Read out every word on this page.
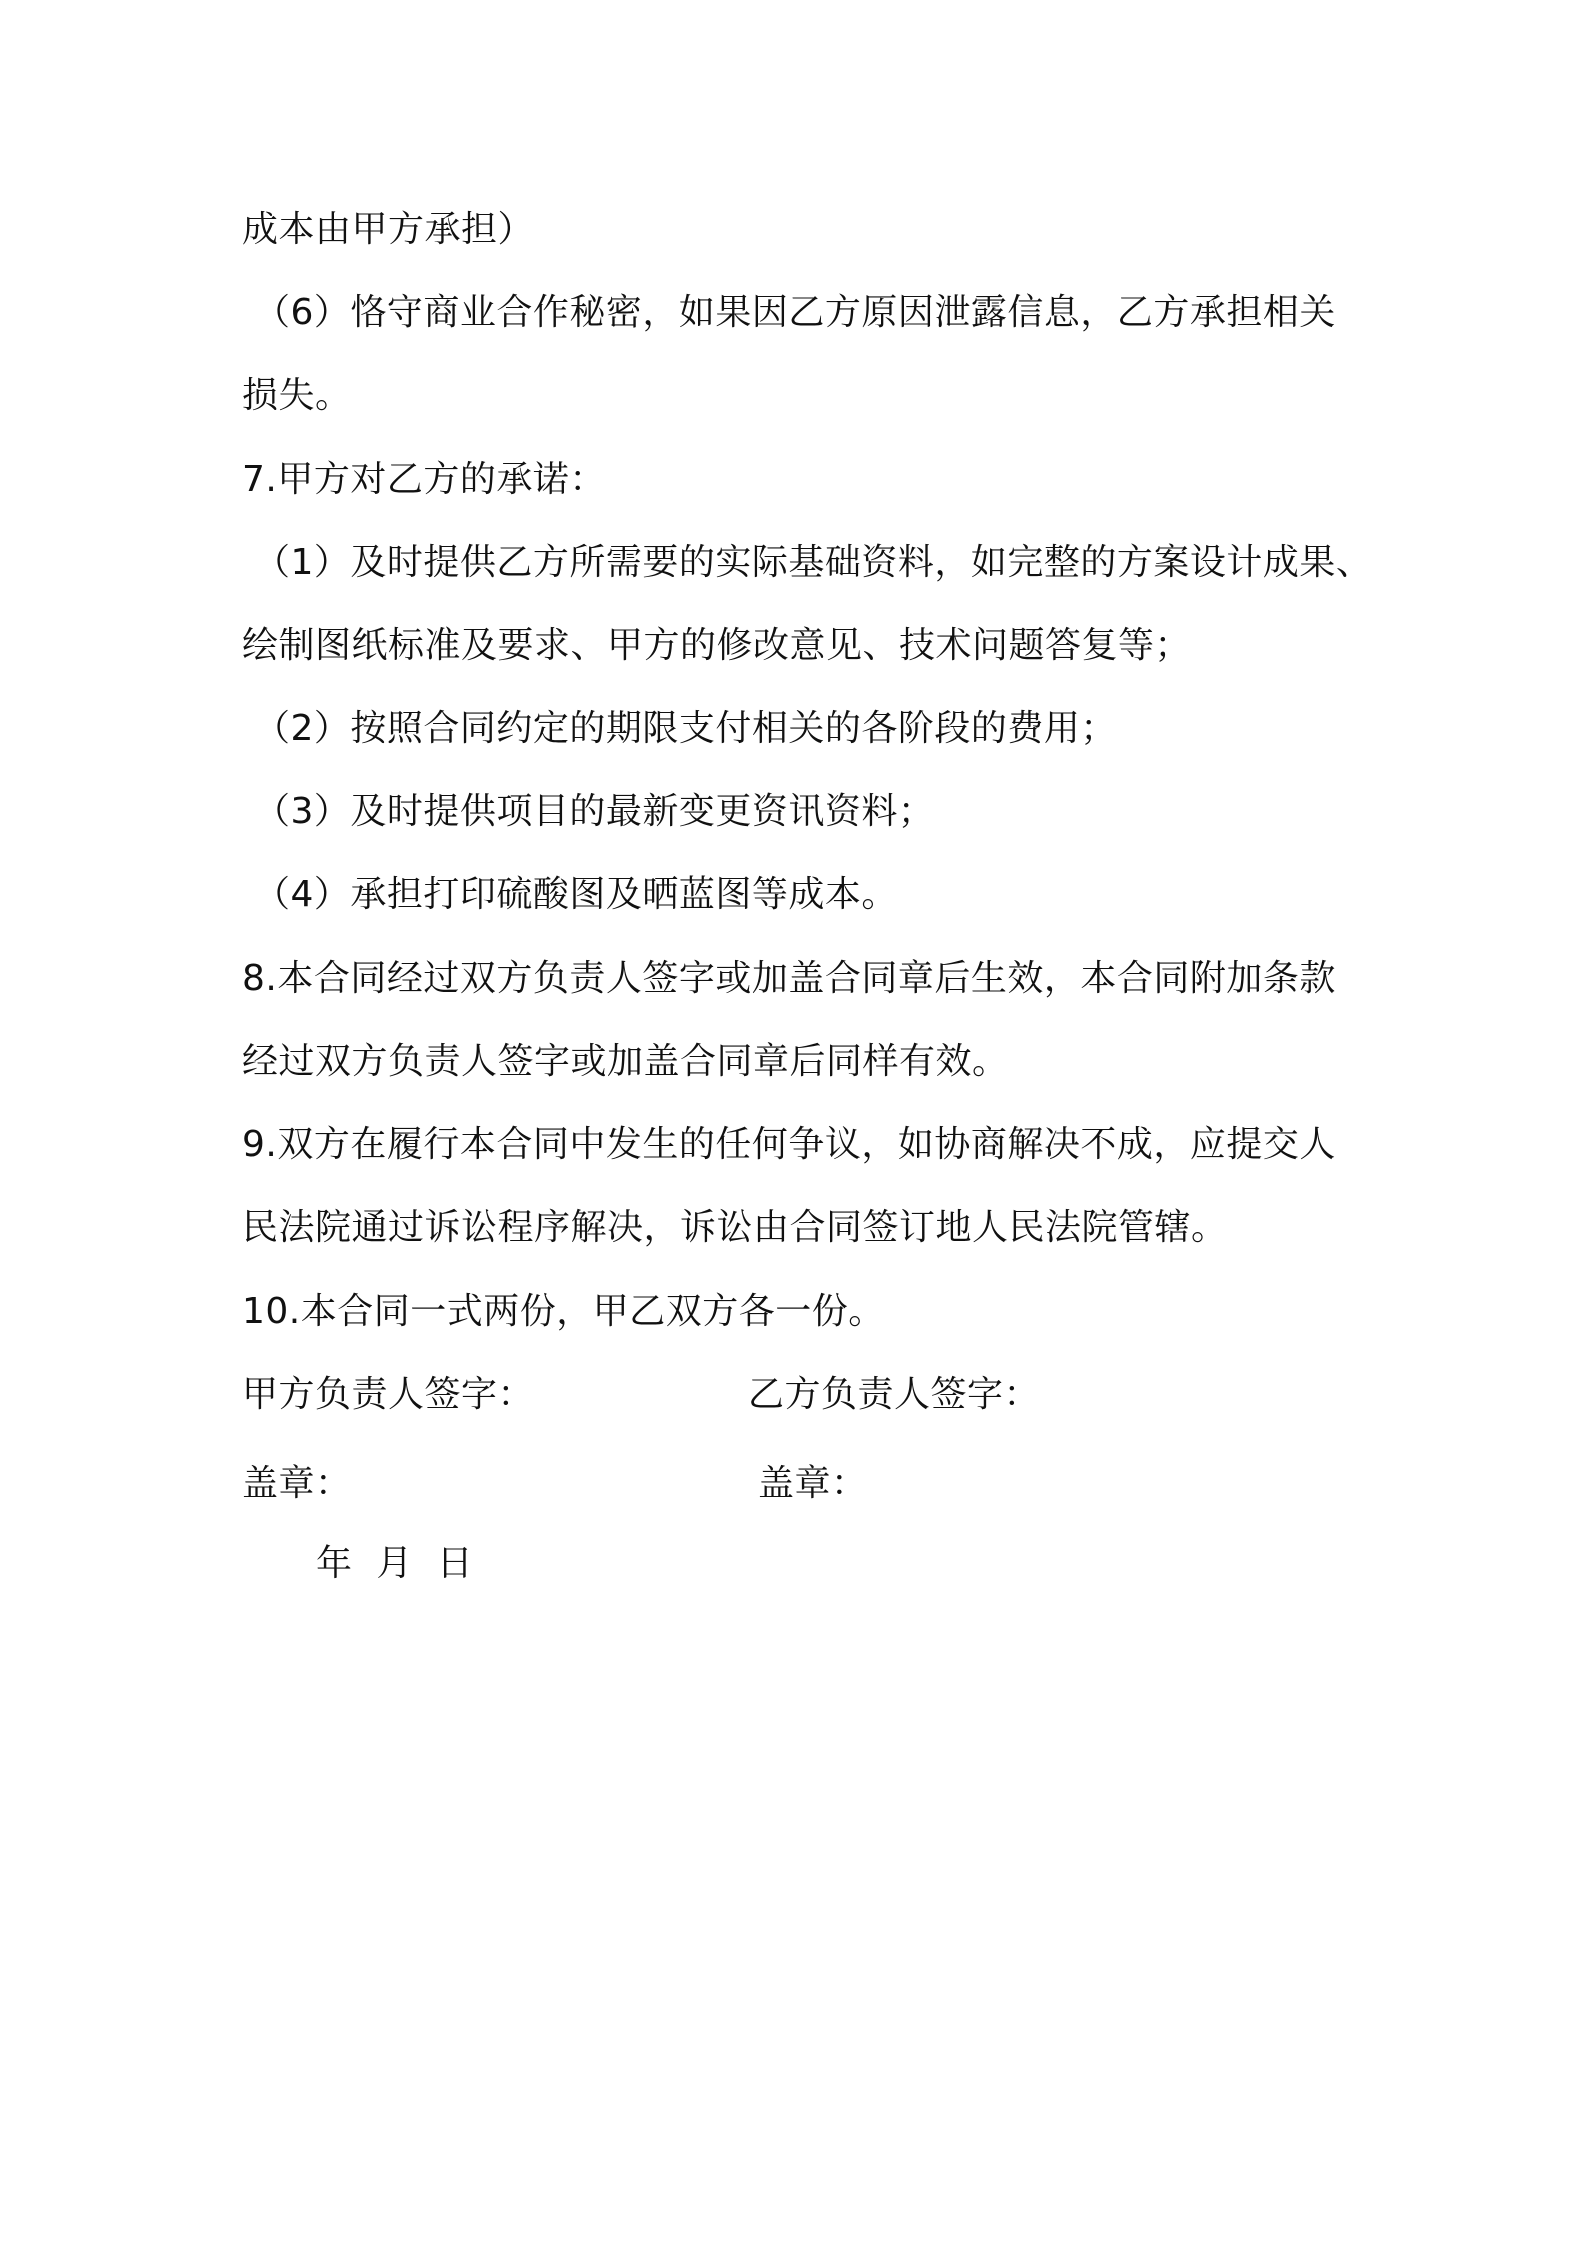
成本由甲方承担）
（6）恪守商业合作秘密，如果因乙方原因泄露信息，乙方承担相关
损失。
7.甲方对乙方的承诺：
（1）及时提供乙方所需要的实际基础资料，如完整的方案设计成果、
绘制图纸标准及要求、甲方的修改意见、技术问题答复等；
（2）按照合同约定的期限支付相关的各阶段的费用；
（3）及时提供项目的最新变更资讯资料；
（4）承担打印硫酸图及晒蓝图等成本。
8.本合同经过双方负责人签字或加盖合同章后生效，本合同附加条款
经过双方负责人签字或加盖合同章后同样有效。
9.双方在履行本合同中发生的任何争议，如协商解决不成，应提交人
民法院通过诉讼程序解决，诉讼由合同签订地人民法院管辖。
10.本合同一式两份，甲乙双方各一份。
甲方负责人签字：	乙方负责人签字：
盖章：	盖章：
年  月  日
